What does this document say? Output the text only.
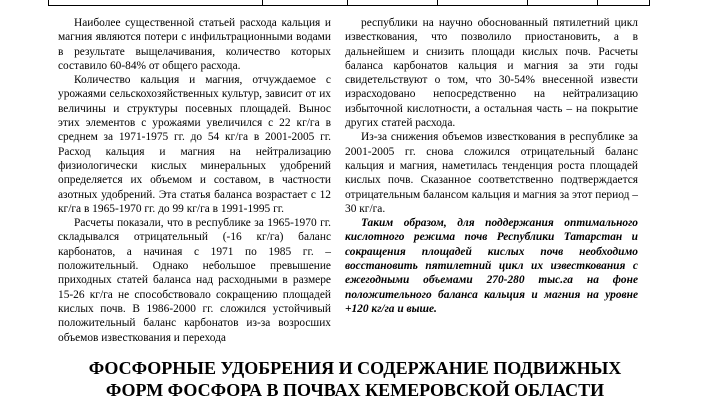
Наиболее существенной статьей расхода кальция и магния являются потери с инфильтрационными водами в результате выщелачивания, количество которых составило 60-84% от общего расхода.

Количество кальция и магния, отчуждаемое с урожаями сельскохозяйственных культур, зависит от их величины и структуры посевных площадей. Вынос этих элементов с урожаями увеличился с 22 кг/га в среднем за 1971-1975 гг. до 54 кг/га в 2001-2005 гг. Расход кальция и магния на нейтрализацию физиологически кислых минеральных удобрений определяется их объемом и составом, в частности азотных удобрений. Эта статья баланса возрастает с 12 кг/га в 1965-1970 гг. до 99 кг/га в 1991-1995 гг.

Расчеты показали, что в республике за 1965-1970 гг. складывался отрицательный (-16 кг/га) баланс карбонатов, а начиная с 1971 по 1985 гг. – положительный. Однако небольшое превышение приходных статей баланса над расходными в размере 15-26 кг/га не способствовало сокращению площадей кислых почв. В 1986-2000 гг. сложился устойчивый положительный баланс карбонатов из-за возросших объемов известкования и перехода

республики на научно обоснованный пятилетний цикл известкования, что позволило приостановить, а в дальнейшем и снизить площади кислых почв. Расчеты баланса карбонатов кальция и магния за эти годы свидетельствуют о том, что 30-54% внесенной извести израсходовано непосредственно на нейтрализацию избыточной кислотности, а остальная часть – на покрытие других статей расхода.

Из-за снижения объемов известкования в республике за 2001-2005 гг. снова сложился отрицательный баланс кальция и магния, наметилась тенденция роста площадей кислых почв. Сказанное соответственно подтверждается отрицательным балансом кальция и магния за этот период – 30 кг/га.

Таким образом, для поддержания оптимального кислотного режима почв Республики Татарстан и сокращения площадей кислых почв необходимо восстановить пятилетний цикл их известкования с ежегодными объемами 270-280 тыс.га на фоне положительного баланса кальция и магния на уровне +120 кг/га и выше.

ФОСФОРНЫЕ УДОБРЕНИЯ И СОДЕРЖАНИЕ ПОДВИЖНЫХ
ФОРМ ФОСФОРА В ПОЧВАХ КЕМЕРОВСКОЙ ОБЛАСТИ
